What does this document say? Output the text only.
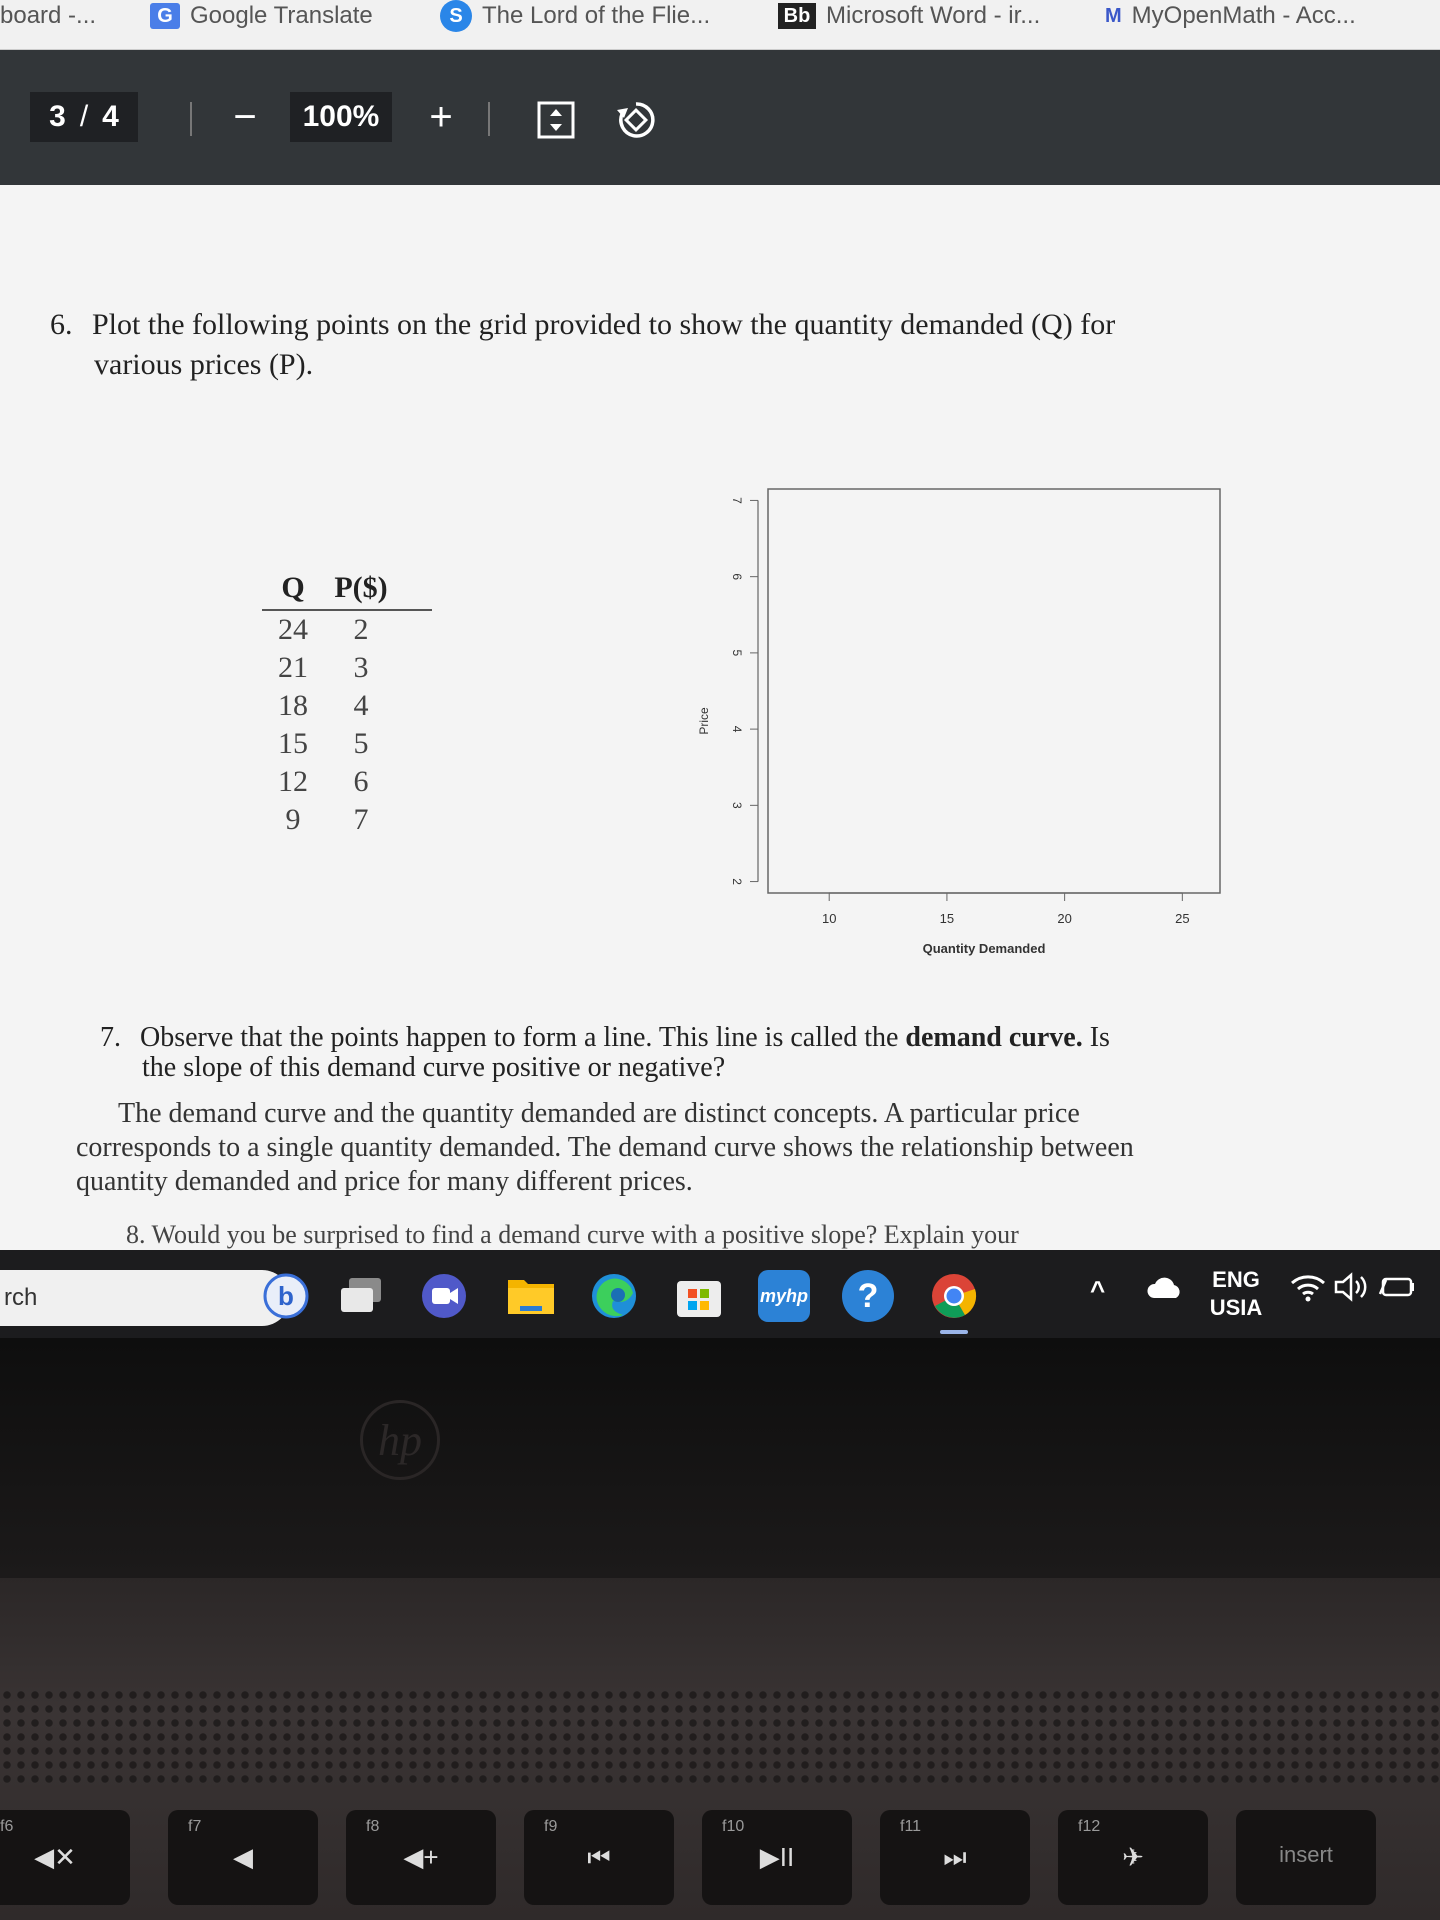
board -...	G Google Translate	S The Lord of the Flie...	Bb Microsoft Word - ir...	M MyOpenMath - Acc...
3 / 4	−	100%	+
6. Plot the following points on the grid provided to show the quantity demanded (Q) for
various prices (P).
Q P($)
24	2
21	3
18	4
15	5
12	6
9	7
10	15	20	25
2
3
4
5
6
7
Quantity Demanded
Price
7. Observe that the points happen to form a line. This line is called the demand curve. Is
the slope of this demand curve positive or negative?
The demand curve and the quantity demanded are distinct concepts. A particular price
corresponds to a single quantity demanded. The demand curve shows the relationship between
quantity demanded and price for many different prices.
8. Would you be surprised to find a demand curve with a positive slope? Explain your
rch	b	myhp	?	^	ENG
USIA
hp
f6
◀✕
f7
◀
f8
◀+
f9
⏮
f10
▶II
f11
⏭
f12
✈	insert
